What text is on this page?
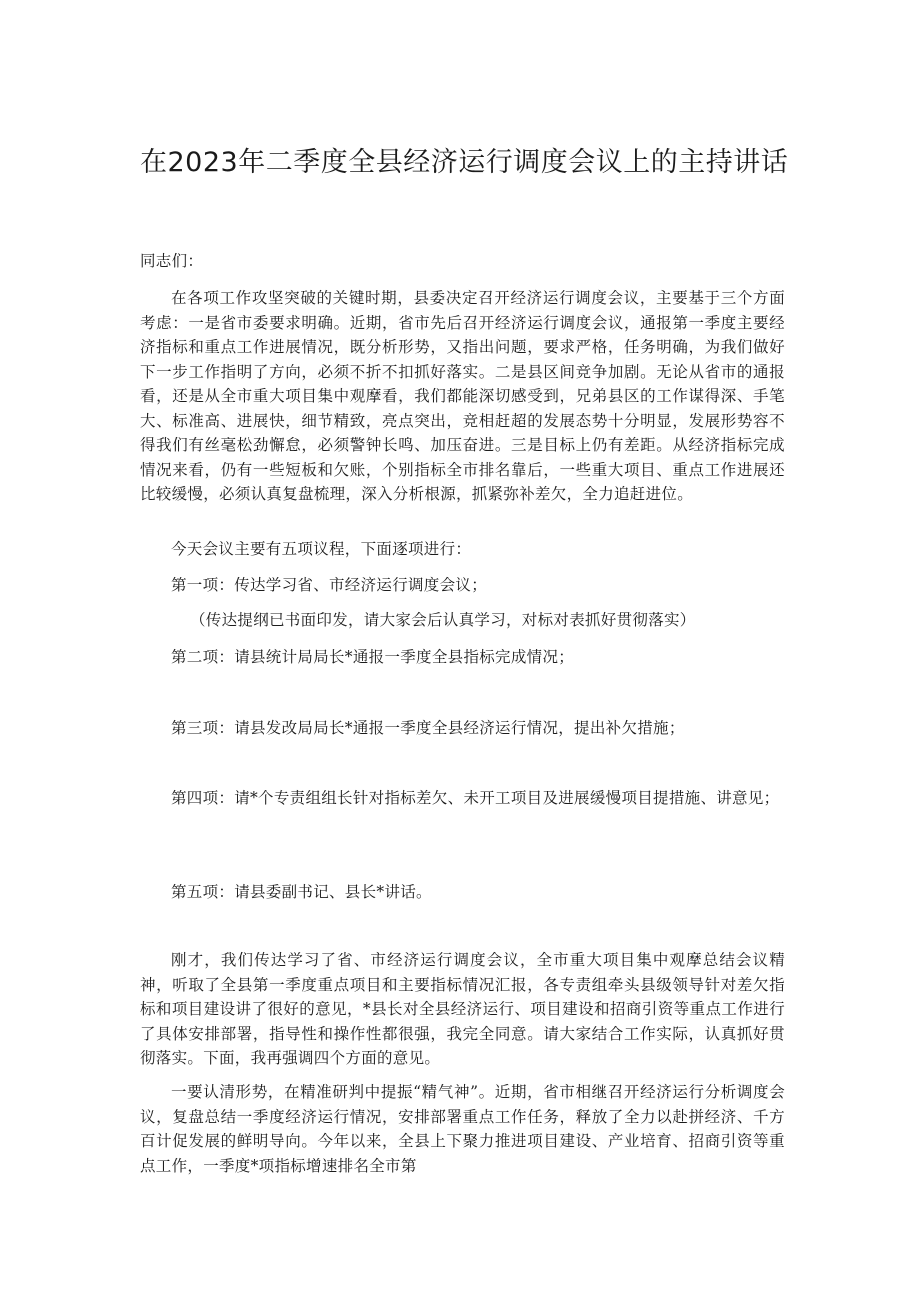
在2023年二季度全县经济运行调度会议上的主持讲话
同志们：
在各项工作攻坚突破的关键时期，县委决定召开经济运行调度会议，主要基于三个方面考虑：一是省市委要求明确。近期，省市先后召开经济运行调度会议，通报第一季度主要经济指标和重点工作进展情况，既分析形势，又指出问题，要求严格，任务明确，为我们做好下一步工作指明了方向，必须不折不扣抓好落实。二是县区间竞争加剧。无论从省市的通报看，还是从全市重大项目集中观摩看，我们都能深切感受到，兄弟县区的工作谋得深、手笔大、标准高、进展快，细节精致，亮点突出，竞相赶超的发展态势十分明显，发展形势容不得我们有丝毫松劲懈怠，必须警钟长鸣、加压奋进。三是目标上仍有差距。从经济指标完成情况来看，仍有一些短板和欠账，个别指标全市排名靠后，一些重大项目、重点工作进展还比较缓慢，必须认真复盘梳理，深入分析根源，抓紧弥补差欠，全力追赶进位。
今天会议主要有五项议程，下面逐项进行：
第一项：传达学习省、市经济运行调度会议；
（传达提纲已书面印发，请大家会后认真学习，对标对表抓好贯彻落实）
第二项：请县统计局局长*通报一季度全县指标完成情况；
第三项：请县发改局局长*通报一季度全县经济运行情况，提出补欠措施；
第四项：请*个专责组组长针对指标差欠、未开工项目及进展缓慢项目提措施、讲意见；
第五项：请县委副书记、县长*讲话。
刚才，我们传达学习了省、市经济运行调度会议，全市重大项目集中观摩总结会议精神，听取了全县第一季度重点项目和主要指标情况汇报，各专责组牵头县级领导针对差欠指标和项目建设讲了很好的意见，*县长对全县经济运行、项目建设和招商引资等重点工作进行了具体安排部署，指导性和操作性都很强，我完全同意。请大家结合工作实际，认真抓好贯彻落实。下面，我再强调四个方面的意见。
一要认清形势，在精准研判中提振“精气神”。近期，省市相继召开经济运行分析调度会议，复盘总结一季度经济运行情况，安排部署重点工作任务，释放了全力以赴拼经济、千方百计促发展的鲜明导向。今年以来，全县上下聚力推进项目建设、产业培育、招商引资等重点工作，一季度*项指标增速排名全市第
